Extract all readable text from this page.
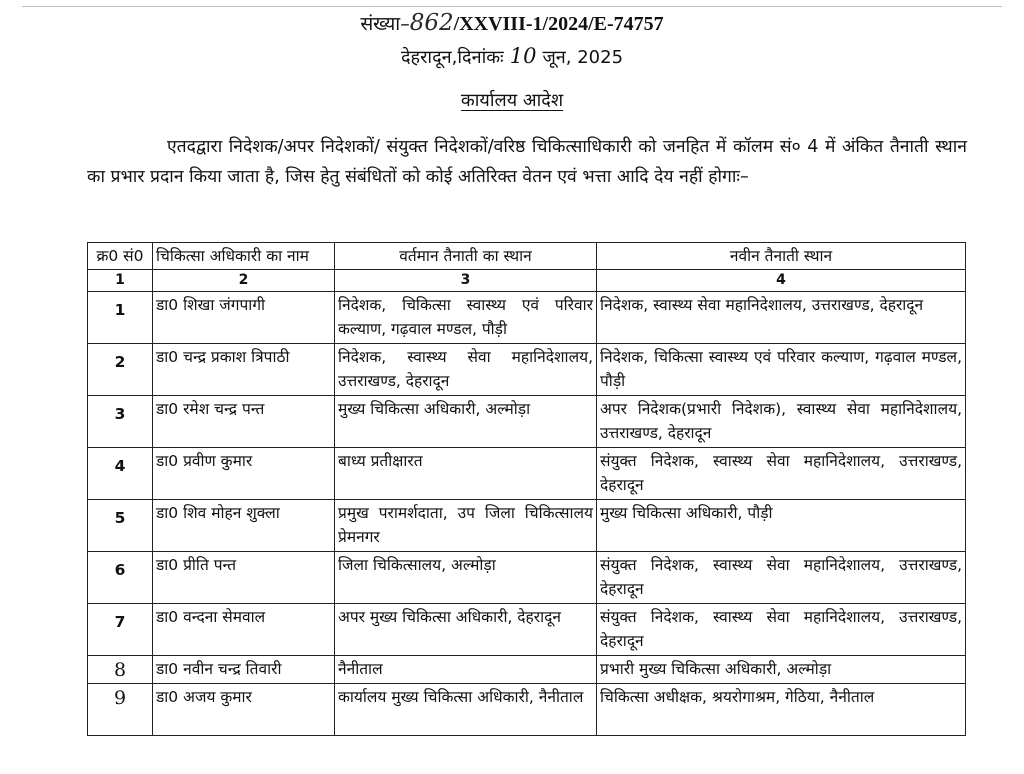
संख्या–862/XXVIII-1/2024/E-74757
देहरादून,दिनांकः 10 जून, 2025
कार्यालय आदेश
एतदद्वारा निदेशक/अपर निदेशकों/ संयुक्त निदेशकों/वरिष्ठ चिकित्साधिकारी को जनहित में कॉलम सं० 4 में अंकित तैनाती स्थान का प्रभार प्रदान किया जाता है, जिस हेतु संबंधितों को कोई अतिरिक्त वेतन एवं भत्ता आदि देय नहीं होगाः–
क्र0 सं0	चिकित्सा अधिकारी का नाम	वर्तमान तैनाती का स्थान	नवीन तैनाती स्थान
1	2	3	4
1	डा0 शिखा जंगपागी	निदेशक, चिकित्सा स्वास्थ्य एवं परिवार कल्याण, गढ़वाल मण्डल, पौड़ी	निदेशक, स्वास्थ्य सेवा महानिदेशालय, उत्तराखण्ड, देहरादून
2	डा0 चन्द्र प्रकाश त्रिपाठी	निदेशक, स्वास्थ्य सेवा महानिदेशालय, उत्तराखण्ड, देहरादून	निदेशक, चिकित्सा स्वास्थ्य एवं परिवार कल्याण, गढ़वाल मण्डल, पौड़ी
3	डा0 रमेश चन्द्र पन्त	मुख्य चिकित्सा अधिकारी, अल्मोड़ा	अपर निदेशक(प्रभारी निदेशक), स्वास्थ्य सेवा महानिदेशालय, उत्तराखण्ड, देहरादून
4	डा0 प्रवीण कुमार	बाध्य प्रतीक्षारत	संयुक्त निदेशक, स्वास्थ्य सेवा महानिदेशालय, उत्तराखण्ड, देहरादून
5	डा0 शिव मोहन शुक्ला	प्रमुख परामर्शदाता, उप जिला चिकित्सालय प्रेमनगर	मुख्य चिकित्सा अधिकारी, पौड़ी
6	डा0 प्रीति पन्त	जिला चिकित्सालय, अल्मोड़ा	संयुक्त निदेशक, स्वास्थ्य सेवा महानिदेशालय, उत्तराखण्ड, देहरादून
7	डा0 वन्दना सेमवाल	अपर मुख्य चिकित्सा अधिकारी, देहरादून	संयुक्त निदेशक, स्वास्थ्य सेवा महानिदेशालय, उत्तराखण्ड, देहरादून
8	डा0 नवीन चन्द्र तिवारी	नैनीताल	प्रभारी मुख्य चिकित्सा अधिकारी, अल्मोड़ा
9	डा0 अजय कुमार	कार्यालय मुख्य चिकित्सा अधिकारी, नैनीताल	चिकित्सा अधीक्षक, श्रयरोगाश्रम, गेठिया, नैनीताल
